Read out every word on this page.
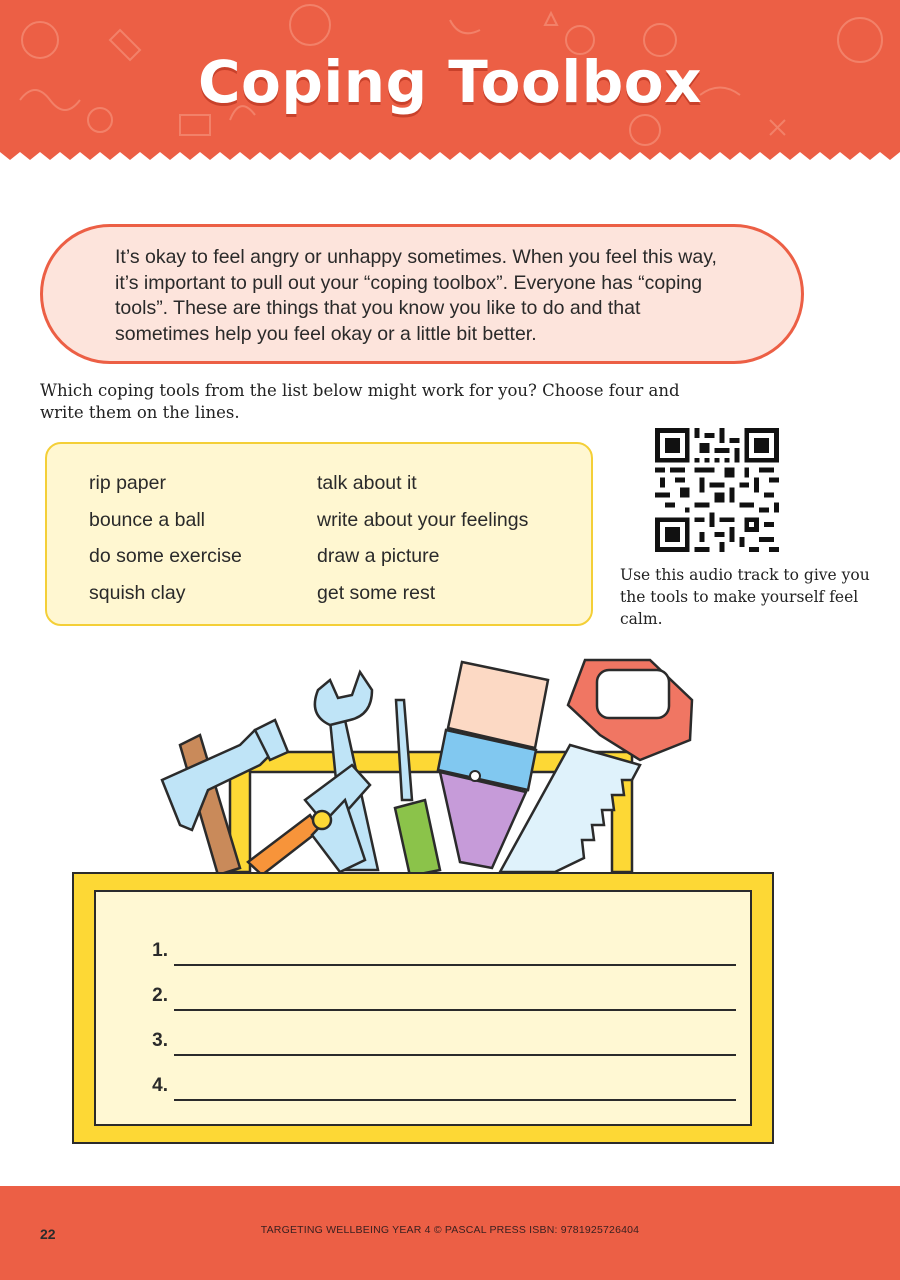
Coping Toolbox
It’s okay to feel angry or unhappy sometimes. When you feel this way, it’s important to pull out your “coping toolbox”. Everyone has “coping tools”. These are things that you know you like to do and that sometimes help you feel okay or a little bit better.
Which coping tools from the list below might work for you? Choose four and write them on the lines.
rip paper
bounce a ball
do some exercise
squish clay
talk about it
write about your feelings
draw a picture
get some rest
Use this audio track to give you the tools to make yourself feel calm.
1.
2.
3.
4.
22	TARGETING WELLBEING YEAR 4 © PASCAL PRESS ISBN: 9781925726404
